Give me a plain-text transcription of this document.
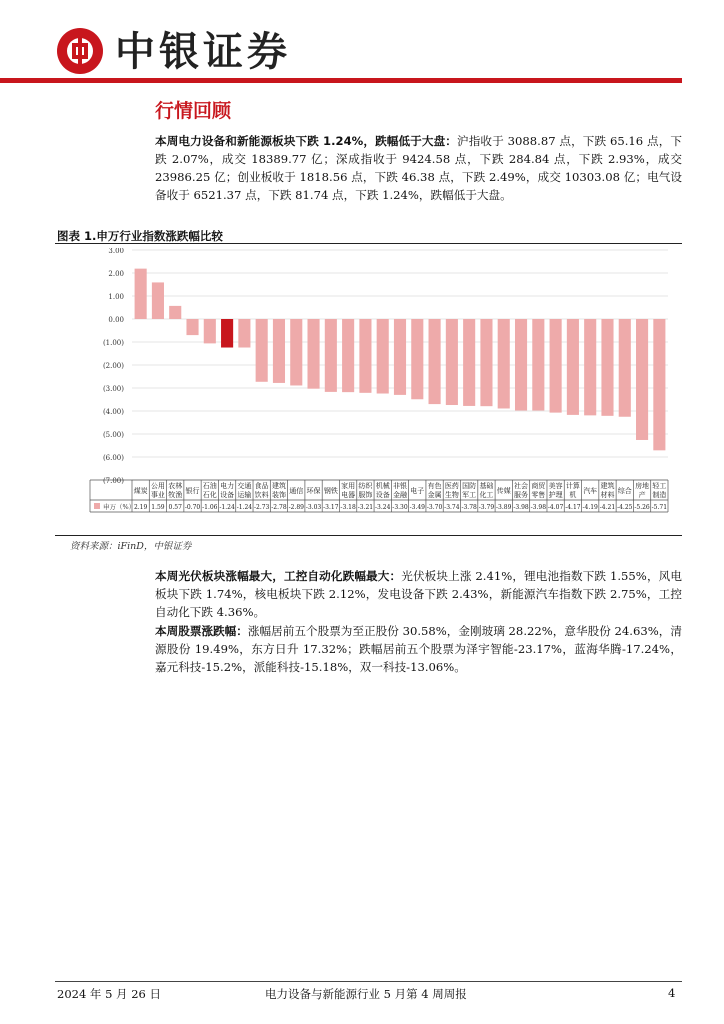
中银证券
行情回顾
本周电力设备和新能源板块下跌 1.24%，跌幅低于大盘：沪指收于 3088.87 点，下跌 65.16 点，下跌 2.07%，成交 18389.77 亿；深成指收于 9424.58 点，下跌 284.84 点，下跌 2.93%，成交 23986.25 亿；创业板收于 1818.56 点，下跌 46.38 点，下跌 2.49%，成交 10303.08 亿；电气设备收于 6521.37 点，下跌 81.74 点，下跌 1.24%，跌幅低于大盘。
图表 1.申万行业指数涨跌幅比较
3.00
2.00
1.00
0.00
(1.00)
(2.00)
(3.00)
(4.00)
(5.00)
(6.00)
(7.00)
申万（%）
煤炭
公用事业
农林牧渔 银行
石油石化
电力设备
交通运输
食品饮料
建筑装饰 通信 环保 钢铁
家用电器
纺织服饰
机械设备
非银金融 电子
有色金属
医药生物
国防军工
基础化工 传媒
社会服务
商贸零售
美容护理
计算机 汽车
建筑材料 综合
房地产
轻工制造
2.19 1.59 0.57 -0.70 -1.06 -1.24 -1.24 -2.73 -2.78 -2.89 -3.03 -3.17 -3.18 -3.21 -3.24 -3.30 -3.49 -3.70 -3.74 -3.78 -3.79 -3.89 -3.98 -3.98 -4.07 -4.17 -4.19 -4.21 -4.25 -5.26 -5.71
资料来源：iFinD，中银证券
本周光伏板块涨幅最大，工控自动化跌幅最大：光伏板块上涨 2.41%，锂电池指数下跌 1.55%，风电板块下跌 1.74%，核电板块下跌 2.12%，发电设备下跌 2.43%，新能源汽车指数下跌 2.75%，工控自动化下跌 4.36%。
本周股票涨跌幅：涨幅居前五个股票为至正股份 30.58%，金刚玻璃 28.22%，意华股份 24.63%，清源股份 19.49%，东方日升 17.32%；跌幅居前五个股票为泽宇智能-23.17%，蓝海华腾-17.24%，嘉元科技-15.2%，派能科技-15.18%，双一科技-13.06%。
2024 年 5 月 26 日	电力设备与新能源行业 5 月第 4 周周报	4
